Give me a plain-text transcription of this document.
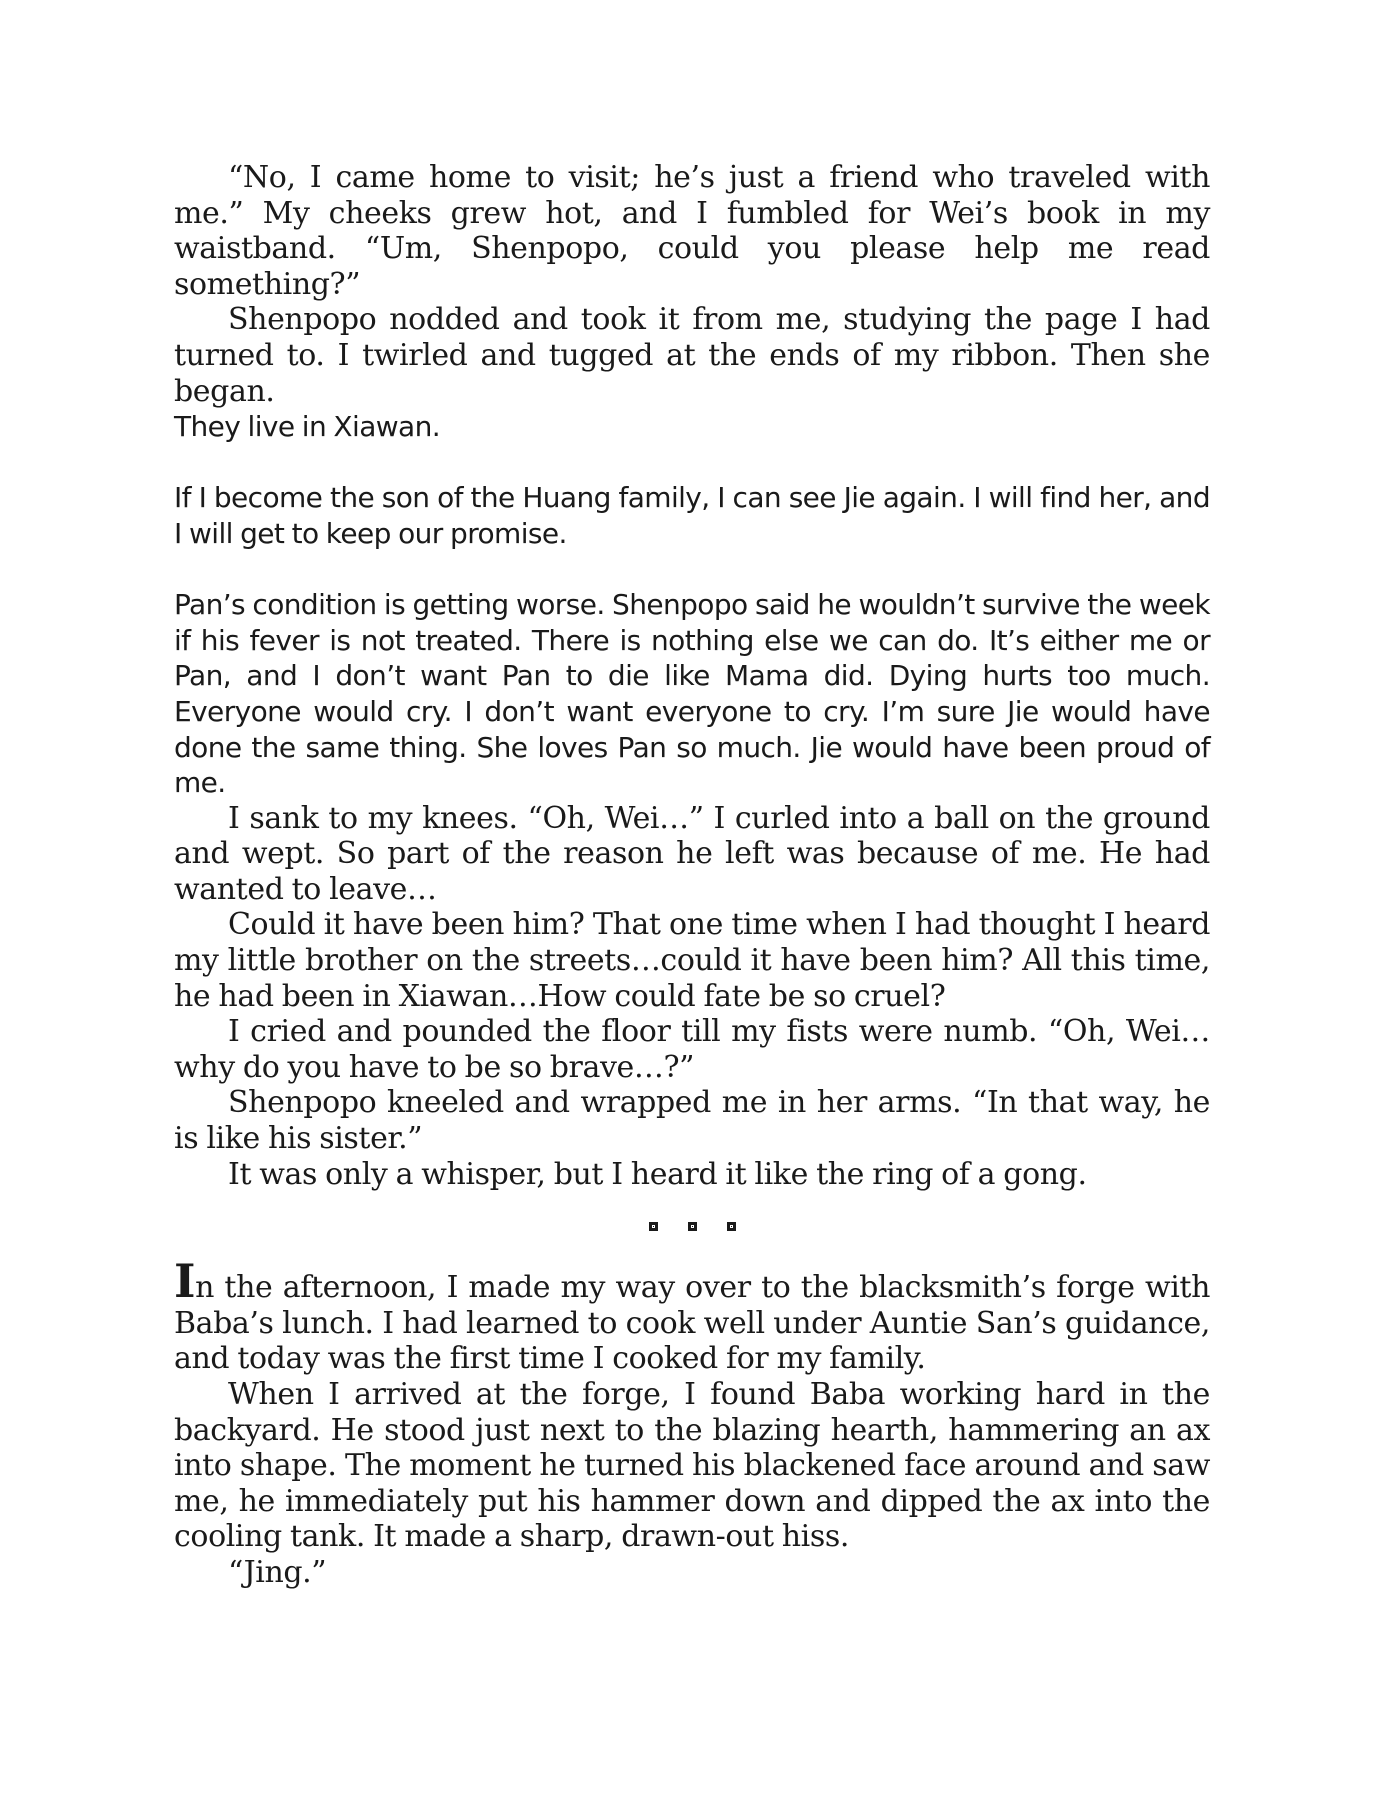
“No, I came home to visit; he’s just a friend who traveled with me.” My cheeks grew hot, and I fumbled for Wei’s book in my waistband. “Um, Shenpopo, could you please help me read something?”

Shenpopo nodded and took it from me, studying the page I had turned to. I twirled and tugged at the ends of my ribbon. Then she began.

They live in Xiawan.

If I become the son of the Huang family, I can see Jie again. I will find her, and I will get to keep our promise.

Pan’s condition is getting worse. Shenpopo said he wouldn’t survive the week if his fever is not treated. There is nothing else we can do. It’s either me or Pan, and I don’t want Pan to die like Mama did. Dying hurts too much. Everyone would cry. I don’t want everyone to cry. I’m sure Jie would have done the same thing. She loves Pan so much. Jie would have been proud of me.

I sank to my knees. “Oh, Wei…” I curled into a ball on the ground and wept. So part of the reason he left was because of me. He had wanted to leave…

Could it have been him? That one time when I had thought I heard my little brother on the streets…could it have been him? All this time, he had been in Xiawan…How could fate be so cruel?

I cried and pounded the floor till my fists were numb. “Oh, Wei… why do you have to be so brave…?”

Shenpopo kneeled and wrapped me in her arms. “In that way, he is like his sister.”

It was only a whisper, but I heard it like the ring of a gong.

In the afternoon, I made my way over to the blacksmith’s forge with Baba’s lunch. I had learned to cook well under Auntie San’s guidance, and today was the first time I cooked for my family.

When I arrived at the forge, I found Baba working hard in the backyard. He stood just next to the blazing hearth, hammering an ax into shape. The moment he turned his blackened face around and saw me, he immediately put his hammer down and dipped the ax into the cooling tank. It made a sharp, drawn-out hiss.

“Jing.”
